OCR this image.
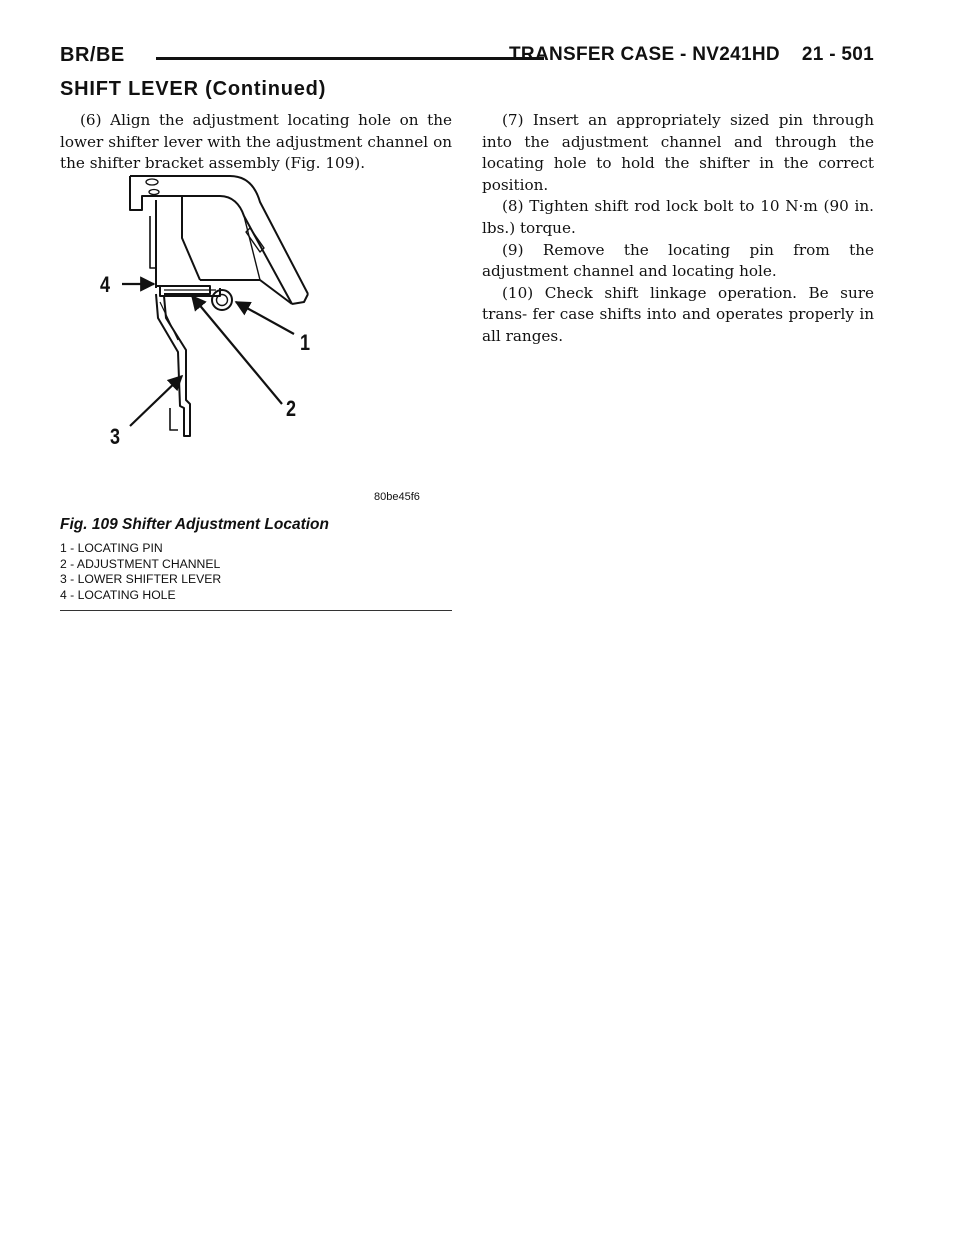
BR/BE	TRANSFER CASE - NV241HD 21 - 501
SHIFT LEVER (Continued)

(6) Align the adjustment locating hole on the lower shifter lever with the adjustment channel on the shifter bracket assembly (Fig. 109).

(7) Insert an appropriately sized pin through into the adjustment channel and through the locating hole to hold the shifter in the correct position.

(8) Tighten shift rod lock bolt to 10 N·m (90 in. lbs.) torque.

(9) Remove the locating pin from the adjustment channel and locating hole.

(10) Check shift linkage operation. Be sure trans- fer case shifts into and operates properly in all ranges.

4
1
2
3
80be45f6
Fig. 109 Shifter Adjustment Location
1 - LOCATING PIN
2 - ADJUSTMENT CHANNEL
3 - LOWER SHIFTER LEVER
4 - LOCATING HOLE
